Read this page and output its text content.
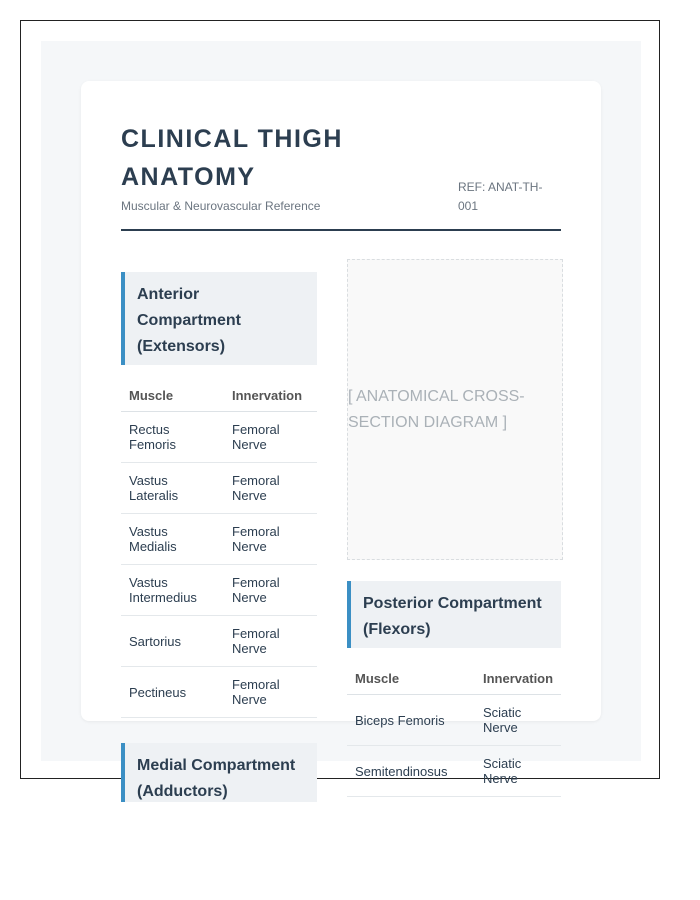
CLINICAL THIGH ANATOMY
Muscular & Neurovascular Reference
REF: ANAT-TH-001
Anterior Compartment (Extensors)
Muscle	Innervation
Rectus Femoris	Femoral Nerve
Vastus Lateralis	Femoral Nerve
Vastus Medialis	Femoral Nerve
Vastus Intermedius	Femoral Nerve
Sartorius	Femoral Nerve
Pectineus	Femoral Nerve
Medial Compartment (Adductors)
[ ANATOMICAL CROSS-SECTION DIAGRAM ]
Posterior Compartment (Flexors)
Muscle	Innervation
Biceps Femoris	Sciatic Nerve
Semitendinosus	Sciatic Nerve
